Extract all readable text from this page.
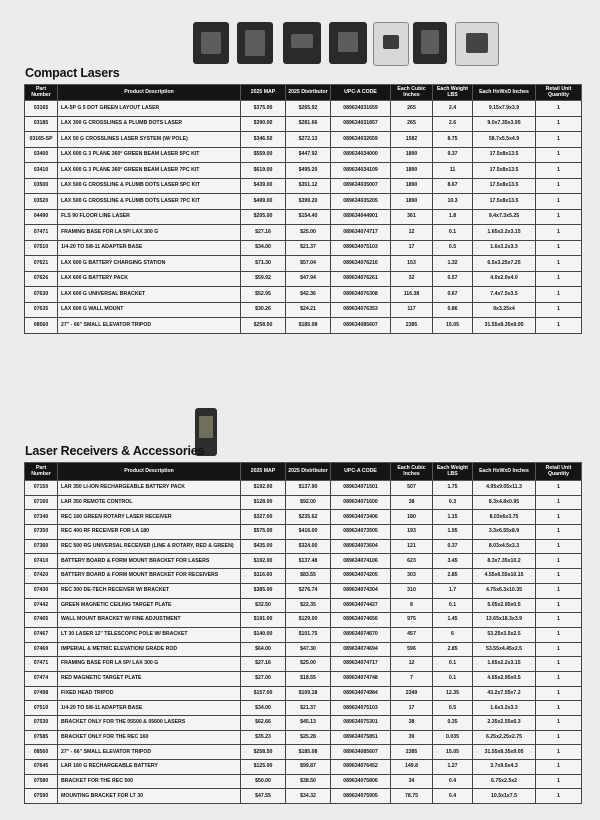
Compact Lasers
Part Number	Product Description	2025 MAP	2025 Distributor	UPC-A CODE	Each Cubic Inches	Each Weight LBS	Each HxWxD Inches	Retail Unit Quantity
03165	LA-5P G 5 DOT GREEN LAYOUT LASER	$375.00	$265.92	089634031659	265	2.4	9.15x7.9x3.9	1
03185	LAX 300 G CROSSLINES & PLUMB DOTS LASER	$390.00	$281.66	089634031857	265	2.6	9.0x7.35x3.95	1
03165-SP	LAX 50 G CROSSLINES LASER SYSTEM (W/ POLE)	$346.50	$272.13	089634032659	1582	8.75	58.7x5.5x4.9	1
03400	LAX 600 G 3 PLANE 360° GREEN BEAM LASER 5PC KIT	$559.00	$447.92	089634034000	1890	9.37	17.5x8x13.5	1
03410	LAX 600 G 3 PLANE 360° GREEN BEAM LASER 7PC KIT	$619.00	$495.20	089634034109	1890	11	17.5x8x13.5	1
03500	LAX 500 G CROSSLINE & PLUMB DOTS LASER 5PC KIT	$439.00	$351.12	089634035007	1890	8.67	17.5x8x13.5	1
03520	LAX 500 G CROSSLINE & PLUMB DOTS LASER 7PC KIT	$499.00	$399.20	089634035205	1890	10.3	17.5x8x13.5	1
04490	FLS 90 FLOOR LINE LASER	$205.00	$154.40	089634044901	361	1.8	9.4x7.3x5.25	1
07471	FRAMING BASE FOR LA 5P/ LAX 300 G	$27.16	$25.00	089634074717	12	0.1	1.65x2.2x3.15	1
07510	1/4-20 TO 5/8-11 ADAPTER BASE	$34.00	$21.37	089634075103	17	0.5	1.6x3.2x3.3	1
07621	LAX 600 G BATTERY CHARGING STATION	$71.30	$57.04	089634076216	153	1.32	6.5x3.25x7.25	1
07626	LAX 600 G BATTERY PACK	$59.92	$47.94	089634076261	32	0.57	4.0x2.0x4.0	1
07630	LAX 600 G UNIVERSAL BRACKET	$52.95	$42.36	089634076308	116.38	0.67	7.4x7.5x3.5	1
07635	LAX 600 G WALL MOUNT	$30.26	$24.21	089634076353	117	0.86	9x3.25x4	1
08560	27" - 66" SMALL ELEVATOR TRIPOD	$258.50	$185.08	089634085607	2385	15.05	31.55x8.35x9.05	1
Laser Receivers & Accessories
Part Number	Product Description	2025 MAP	2025 Distributor	UPC-A CODE	Each Cubic Inches	Each Weight LBS	Each HxWxD Inches	Retail Unit Quantity
07150	LAR 350 LI-ION RECHARGEABLE BATTERY PACK	$192.00	$137.90	089634071501	507	1.75	4.95x9.05x11.3	1
07160	LAR 350 REMOTE CONTROL	$128.00	$92.00	089634071600	38	0.3	8.3x4.8x0.95	1
07340	REC 160 GREEN ROTARY LASER RECEIVER	$327.00	$235.62	089634073406	180	1.15	8.03x6x3.75	1
07350	REC 400 RF RECEIVER FOR LA 180	$575.00	$416.00	089634073505	193	1.95	3.3x6.55x8.9	1
07360	REC 500 RG UNIVERSAL RECEIVER (LINE & ROTARY, RED & GREEN)	$435.00	$324.00	089634073604	121	0.37	8.03x4.5x3.3	1
07410	BATTERY BOARD & FORM MOUNT BRACKET FOR LASERS	$192.00	$137.48	089634074106	623	3.45	8.3x7.35x10.2	1
07420	BATTERY BOARD & FORM MOUNT BRACKET FOR RECEIVERS	$116.60	$83.55	089634074205	303	2.85	4.55x6.55x10.15	1
07430	REC 300 DE-TECH RECEIVER W/ BRACKET	$385.00	$276.74	089634074304	310	1.7	4.75x6.3x10.35	1
07442	GREEN MAGNETIC CEILING TARGET PLATE	$32.50	$22.35	089634074427	8	0.1	5.05x2.95x0.5	1
07465	WALL MOUNT BRACKET W/ FINE ADJUSTMENT	$191.00	$129.00	089634074656	975	1.45	13.65x18.3x3.9	1
07467	LT 30 LASER 12" TELESCOPIC POLE W/ BRACKET	$140.00	$101.75	089634074670	457	6	53.25x3.5x2.5	1
07469	IMPERIAL & METRIC ELEVATION/ GRADE ROD	$64.00	$47.30	089634074694	596	2.85	53.55x4.45x2.5	1
07471	FRAMING BASE FOR LA 5P/ LAX 300 G	$27.16	$25.00	089634074717	12	0.1	1.65x2.2x3.15	1
07474	RED MAGNETIC TARGET PLATE	$27.00	$18.55	089634074748	7	0.1	4.65x2.95x0.5	1
07498	FIXED HEAD TRIPOD	$157.00	$109.18	089634074984	2349	12.35	43.2x7.55x7.2	1
07510	1/4-20 TO 5/8-11 ADAPTER BASE	$34.00	$21.37	089634075103	17	0.5	1.6x3.2x3.3	1
07530	BRACKET ONLY FOR THE 05500 & 05600 LASERS	$62.66	$45.13	089634075301	38	0.35	2.35x2.55x6.3	1
07585	BRACKET ONLY FOR THE REC 160	$35.23	$25.28	089634075851	39	0.035	6.25x2.25x2.75	1
08560	27" - 66" SMALL ELEVATOR TRIPOD	$258.50	$185.08	089634085607	2385	15.05	31.55x8.35x9.05	1
07645	LAR 160 G RECHARGEABLE BATTERY	$125.00	$99.87	089634076452	149.8	1.27	3.7x9.5x4.3	1
07580	BRACKET FOR THE REC 500	$50.00	$38.50	089634075806	34	0.4	6.75x2.5x2	1
07590	MOUNTING BRACKET FOR LT 30	$47.55	$34.32	089634075905	78.75	0.4	10.5x1x7.5	1
